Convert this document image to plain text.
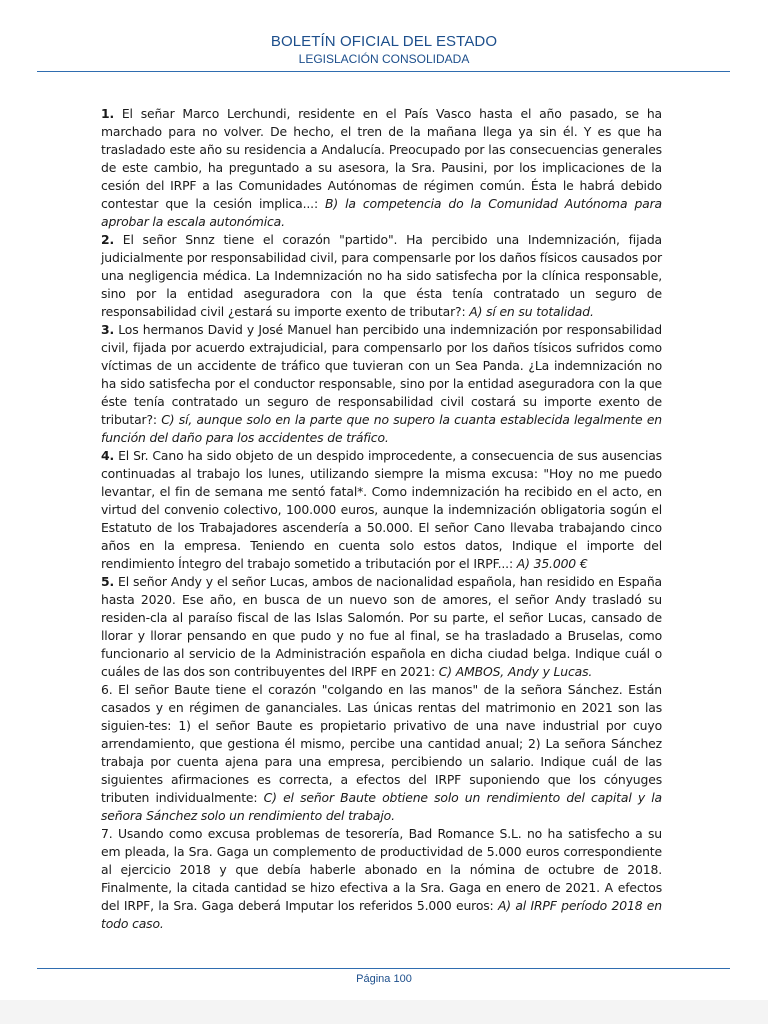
BOLETÍN OFICIAL DEL ESTADO
LEGISLACIÓN CONSOLIDADA

1. El señar Marco Lerchundi, residente en el País Vasco hasta el año pasado, se ha marchado para no volver. De hecho, el tren de la mañana llega ya sin él. Y es que ha trasladado este año su residencia a Andalucía. Preocupado por las consecuencias generales de este cambio, ha preguntado a su asesora, la Sra. Pausini, por los implicaciones de la cesión del IRPF a las Comunidades Autónomas de régimen común. Ésta le habrá debido contestar que la cesión implica...: B) la competencia do la Comunidad Autónoma para aprobar la escala autonómica.

2. El señor Snnz tiene el corazón "partido". Ha percibido una Indemnización, fijada judicialmente por responsabilidad civil, para compensarle por los daños físicos causados por una negligencia médica. La Indemnización no ha sido satisfecha por la clínica responsable, sino por la entidad aseguradora con la que ésta tenía contratado un seguro de responsabilidad civil ¿estará su importe exento de tributar?: A) sí en su totalidad.

3. Los hermanos David y José Manuel han percibido una indemnización por responsabilidad civil, fijada por acuerdo extrajudicial, para compensarlo por los daños tísicos sufridos como víctimas de un accidente de tráfico que tuvieran con un Sea Panda. ¿La indemnización no ha sido satisfecha por el conductor responsable, sino por la entidad aseguradora con la que éste tenía contratado un seguro de responsabilidad civil costará su importe exento de tributar?: C) sí, aunque solo en la parte que no supero la cuanta establecida legalmente en función del daño para los accidentes de tráfico.

4. El Sr. Cano ha sido objeto de un despido improcedente, a consecuencia de sus ausencias continuadas al trabajo los lunes, utilizando siempre la misma excusa: "Hoy no me puedo levantar, el fin de semana me sentó fatal*. Como indemnización ha recibido en el acto, en virtud del convenio colectivo, 100.000 euros, aunque la indemnización obligatoria sogún el Estatuto de los Trabajadores ascendería a 50.000. El señor Cano llevaba trabajando cinco años en la empresa. Teniendo en cuenta solo estos datos, Indique el importe del rendimiento Íntegro del trabajo sometido a tributación por el IRPF...: A) 35.000 €

5. El señor Andy y el señor Lucas, ambos de nacionalidad española, han residido en España hasta 2020. Ese año, en busca de un nuevo son de amores, el señor Andy trasladó su residen-cla al paraíso fiscal de las Islas Salomón. Por su parte, el señor Lucas, cansado de llorar y llorar pensando en que pudo y no fue al final, se ha trasladado a Bruselas, como funcionario al servicio de la Administración española en dicha ciudad belga. Indique cuál o cuáles de las dos son contribuyentes del IRPF en 2021: C) AMBOS, Andy y Lucas.

6. El señor Baute tiene el corazón "colgando en las manos" de la señora Sánchez. Están casados y en régimen de gananciales. Las únicas rentas del matrimonio en 2021 son las siguien-tes: 1) el señor Baute es propietario privativo de una nave industrial por cuyo arrendamiento, que gestiona él mismo, percibe una cantidad anual; 2) La señora Sánchez trabaja por cuenta ajena para una empresa, percibiendo un salario. Indique cuál de las siguientes afirmaciones es correcta, a efectos del IRPF suponiendo que los cónyuges tributen individualmente: C) el señor Baute obtiene solo un rendimiento del capital y la señora Sánchez solo un rendimiento del trabajo.

7. Usando como excusa problemas de tesorería, Bad Romance S.L. no ha satisfecho a su em pleada, la Sra. Gaga un complemento de productividad de 5.000 euros correspondiente al ejercicio 2018 y que debía haberle abonado en la nómina de octubre de 2018. Finalmente, la citada cantidad se hizo efectiva a la Sra. Gaga en enero de 2021. A efectos del IRPF, la Sra. Gaga deberá Imputar los referidos 5.000 euros: A) al IRPF período 2018 en todo caso.

Página 100
